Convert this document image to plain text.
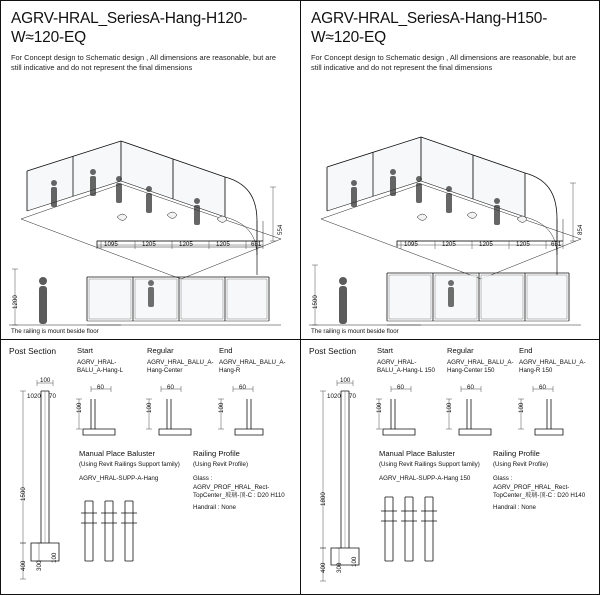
AGRV-HRAL_SeriesA-Hang-H120-W≈120-EQ
For Concept design to Schematic design , All dimensions are reasonable, but are still indicative and do not represent the final dimensions
1095	1205	1205	1205	651
554
1200
The railing is mount beside floor
Post Section
100
1020 70
1500
400 300
100
Start
AGRV_HRAL-BALU_A-Hang-L
Regular
AGRV_HRAL_BALU_A-Hang-Center
End
AGRV_HRAL_BALU_A-Hang-R
60	60	60
100	100	100
Manual Place Baluster
(Using Revit Railings Support family)
AGRV_HRAL-SUPP-A-Hang
Railing Profile
(Using Revit Profile)
Glass :
AGRV_PROF_HRAL_Rect-TopCenter_玻璃-顶-C : D20 H110
Handrail : None
AGRV-HRAL_SeriesA-Hang-H150-W≈120-EQ
For Concept design to Schematic design , All dimensions are reasonable, but are still indicative and do not represent the final dimensions
1095	1205	1205	1205	651
854
1500
The railing is mount beside floor
Post Section
100
1020 70
1800
400 300
100
Start
AGRV_HRAL-BALU_A-Hang-L 150
Regular
AGRV_HRAL_BALU_A-Hang-Center 150
End
AGRV_HRAL_BALU_A-Hang-R 150
60	60	60
100	100	100
Manual Place Baluster
(Using Revit Railings Support family)
AGRV_HRAL-SUPP-A-Hang 150
Railing Profile
(Using Revit Profile)
Glass :
AGRV_PROF_HRAL_Rect-TopCenter_玻璃-顶-C : D20 H140
Handrail : None
